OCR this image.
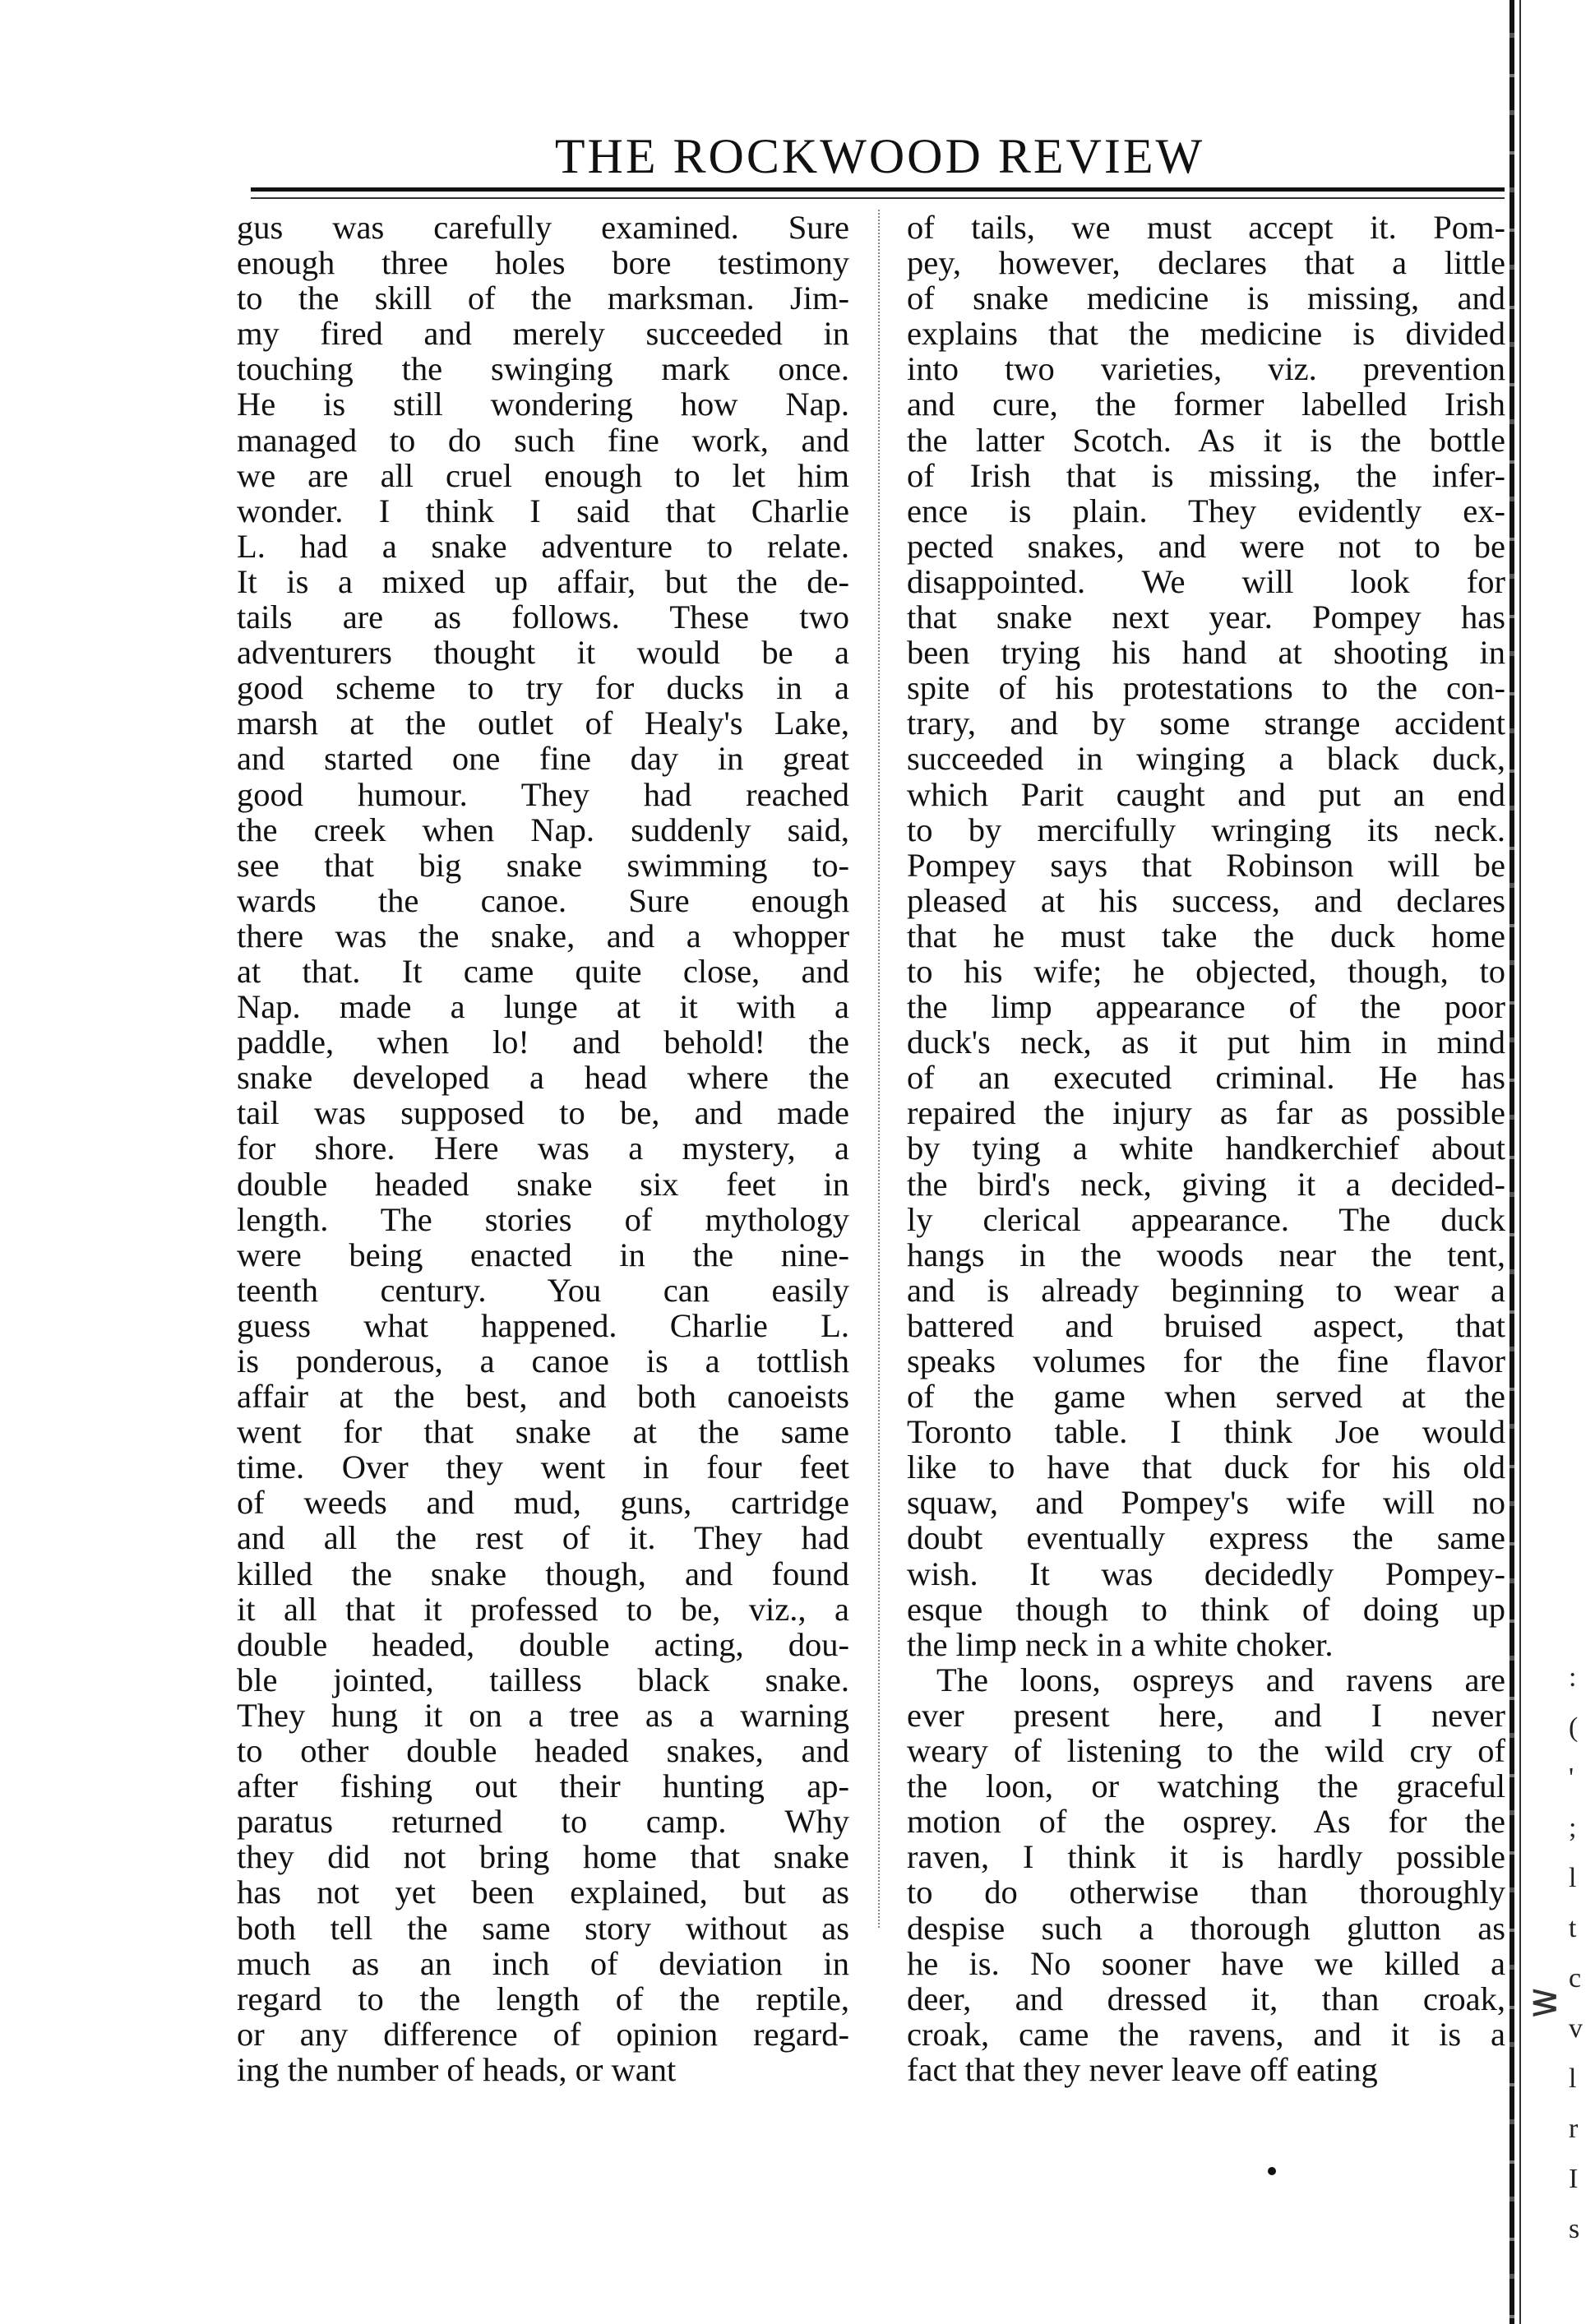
THE ROCKWOOD REVIEW
gus was carefully examined. Sure
enough three holes bore testimony
to the skill of the marksman. Jim-
my fired and merely succeeded in
touching the swinging mark once.
He is still wondering how Nap.
managed to do such fine work, and
we are all cruel enough to let him
wonder. I think I said that Charlie
L. had a snake adventure to relate.
It is a mixed up affair, but the de-
tails are as follows. These two
adventurers thought it would be a
good scheme to try for ducks in a
marsh at the outlet of Healy's Lake,
and started one fine day in great
good humour. They had reached
the creek when Nap. suddenly said,
see that big snake swimming to-
wards the canoe. Sure enough
there was the snake, and a whopper
at that. It came quite close, and
Nap. made a lunge at it with a
paddle, when lo! and behold! the
snake developed a head where the
tail was supposed to be, and made
for shore. Here was a mystery, a
double headed snake six feet in
length. The stories of mythology
were being enacted in the nine-
teenth century. You can easily
guess what happened. Charlie L.
is ponderous, a canoe is a tottlish
affair at the best, and both canoeists
went for that snake at the same
time. Over they went in four feet
of weeds and mud, guns, cartridge
and all the rest of it. They had
killed the snake though, and found
it all that it professed to be, viz., a
double headed, double acting, dou-
ble jointed, tailless black snake.
They hung it on a tree as a warning
to other double headed snakes, and
after fishing out their hunting ap-
paratus returned to camp. Why
they did not bring home that snake
has not yet been explained, but as
both tell the same story without as
much as an inch of deviation in
regard to the length of the reptile,
or any difference of opinion regard-
ing the number of heads, or want
of tails, we must accept it. Pom-
pey, however, declares that a little
of snake medicine is missing, and
explains that the medicine is divided
into two varieties, viz. prevention
and cure, the former labelled Irish
the latter Scotch. As it is the bottle
of Irish that is missing, the infer-
ence is plain. They evidently ex-
pected snakes, and were not to be
disappointed. We will look for
that snake next year. Pompey has
been trying his hand at shooting in
spite of his protestations to the con-
trary, and by some strange accident
succeeded in winging a black duck,
which Parit caught and put an end
to by mercifully wringing its neck.
Pompey says that Robinson will be
pleased at his success, and declares
that he must take the duck home
to his wife; he objected, though, to
the limp appearance of the poor
duck's neck, as it put him in mind
of an executed criminal. He has
repaired the injury as far as possible
by tying a white handkerchief about
the bird's neck, giving it a decided-
ly clerical appearance. The duck
hangs in the woods near the tent,
and is already beginning to wear a
battered and bruised aspect, that
speaks volumes for the fine flavor
of the game when served at the
Toronto table. I think Joe would
like to have that duck for his old
squaw, and Pompey's wife will no
doubt eventually express the same
wish. It was decidedly Pompey-
esque though to think of doing up
the limp neck in a white choker.
The loons, ospreys and ravens are
ever present here, and I never
weary of listening to the wild cry of
the loon, or watching the graceful
motion of the osprey. As for the
raven, I think it is hardly possible
to do otherwise than thoroughly
despise such a thorough glutton as
he is. No sooner have we killed a
deer, and dressed it, than croak,
croak, came the ravens, and it is a
fact that they never leave off eating
:
(
'
;
l
t
c
v
l
r
I
s
ᕒ
